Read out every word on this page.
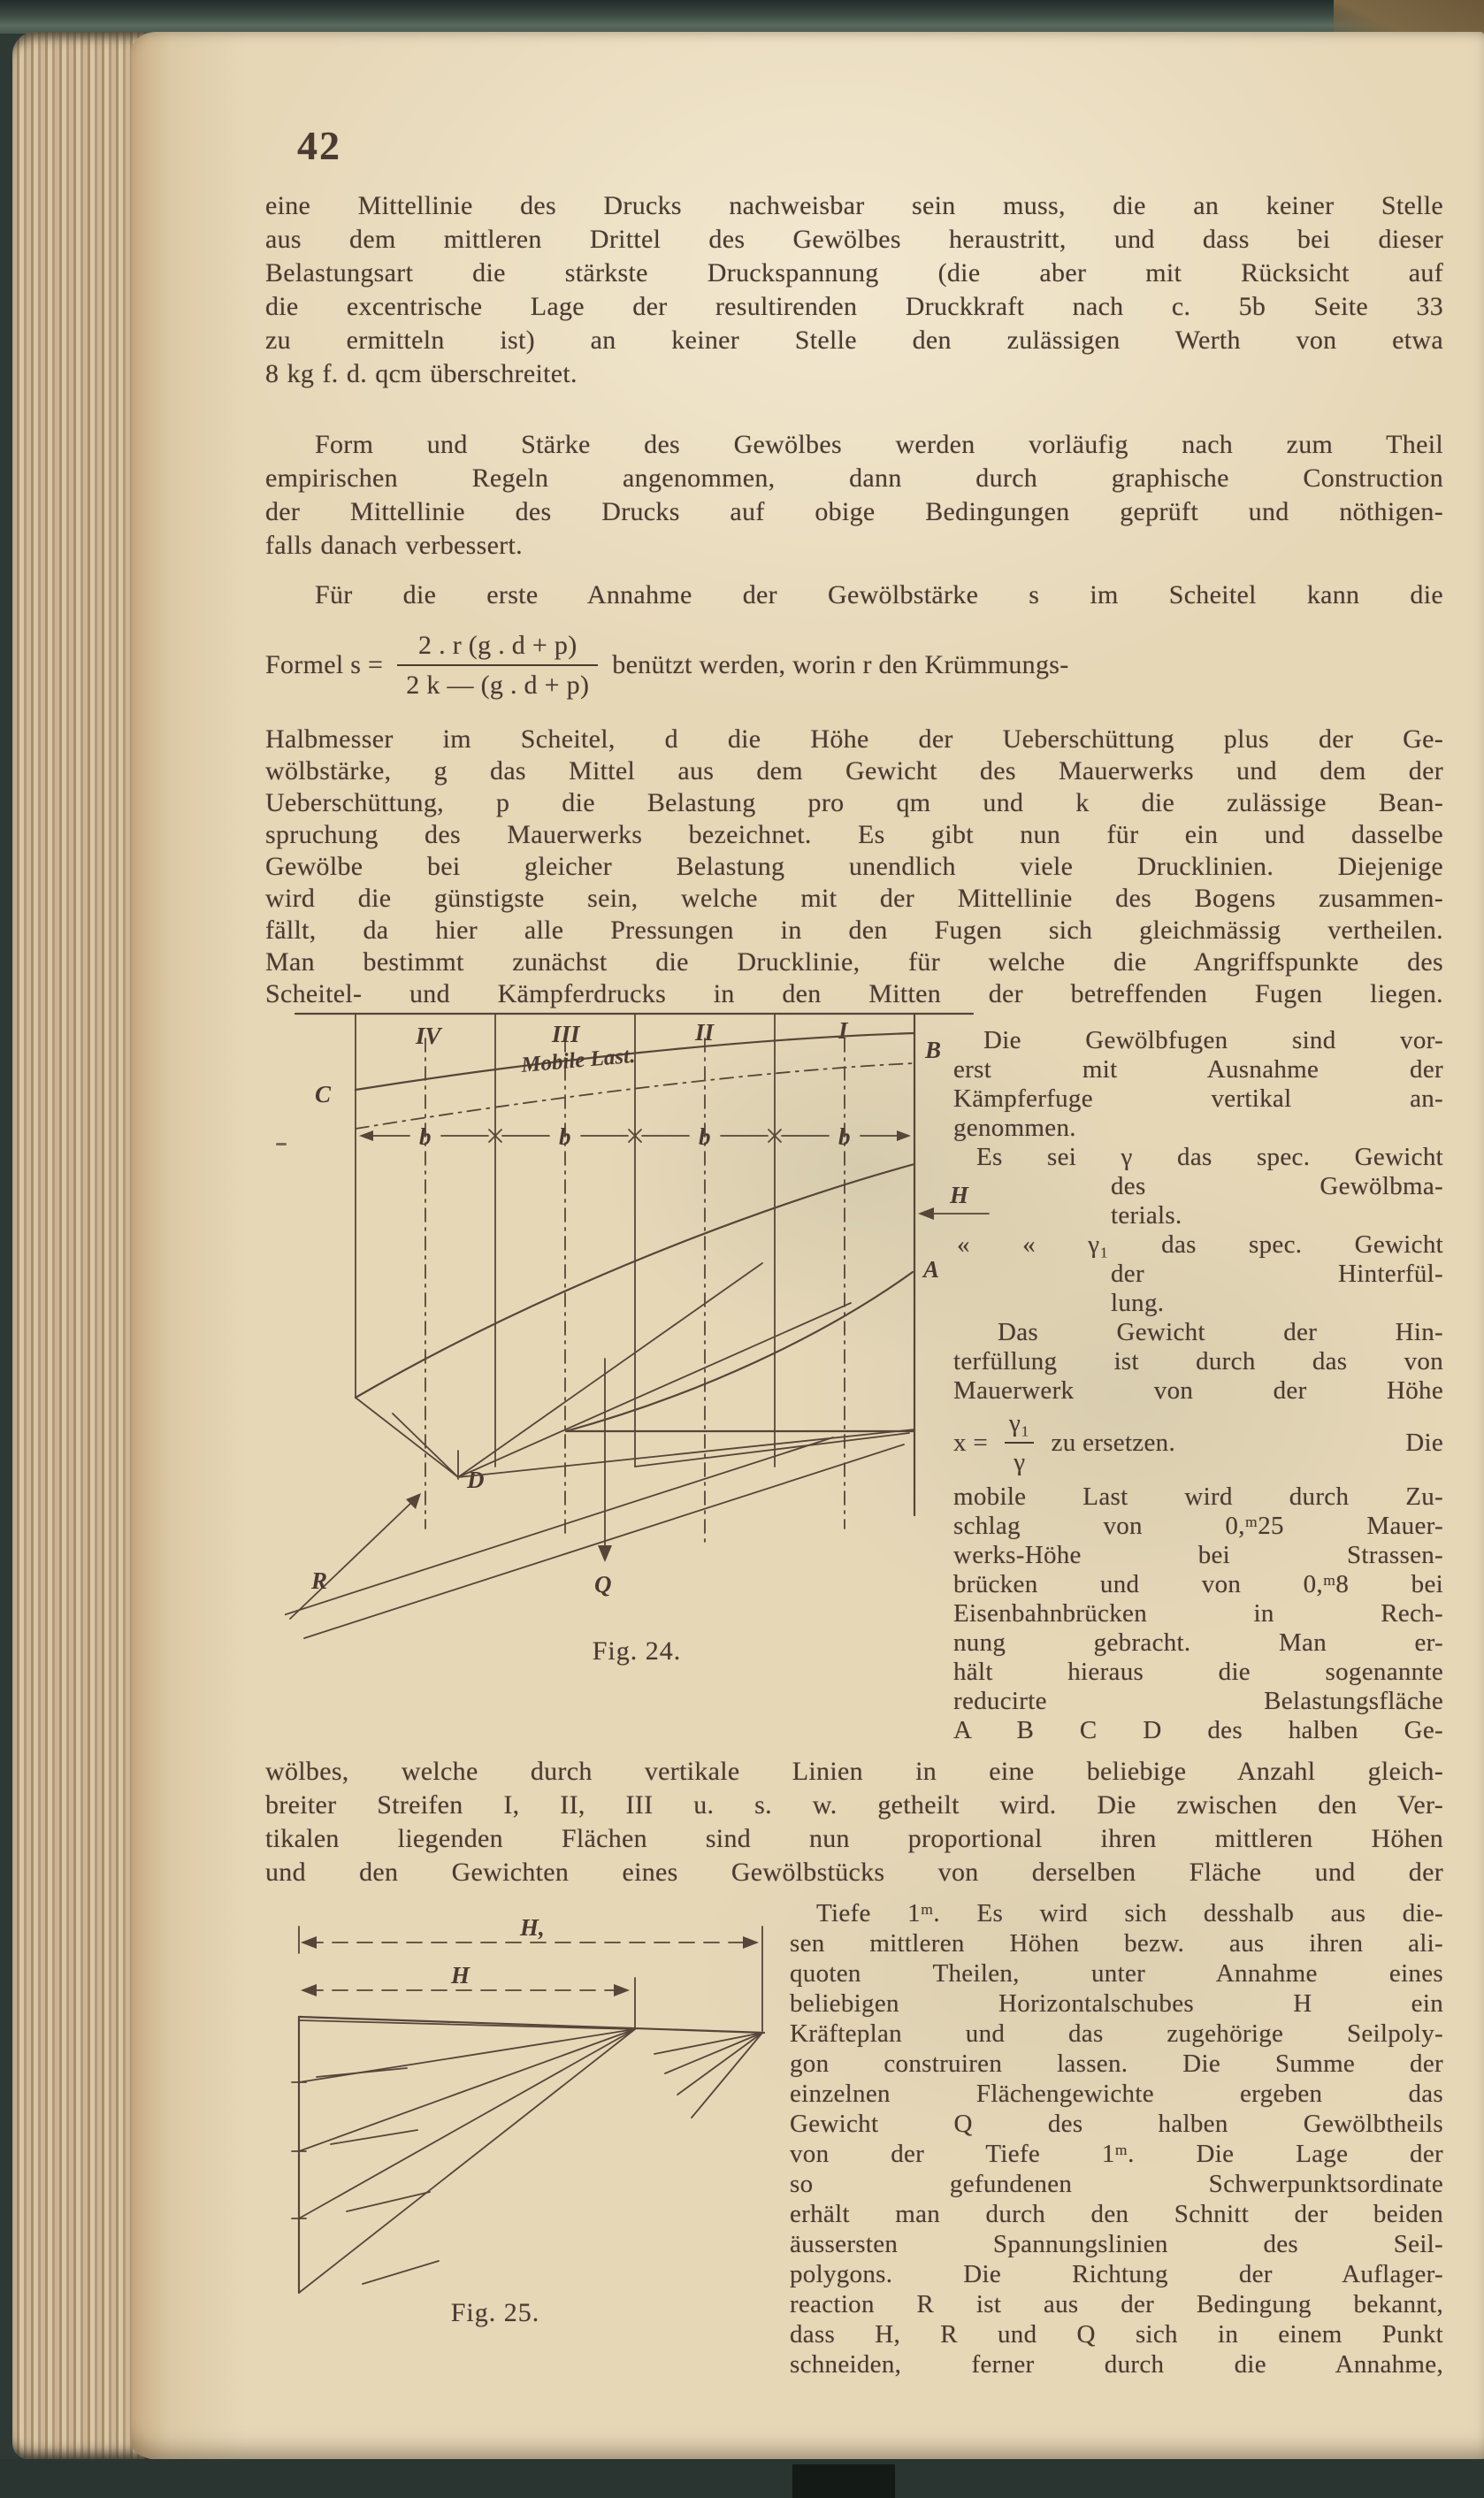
42
eine Mittellinie des Drucks nachweisbar sein muss, die an keiner Stelle
aus dem mittleren Drittel des Gewölbes heraustritt, und dass bei dieser
Belastungsart die stärkste Druckspannung (die aber mit Rücksicht auf
die excentrische Lage der resultirenden Druckkraft nach c. 5b Seite 33
zu ermitteln ist) an keiner Stelle den zulässigen Werth von etwa
8 kg f. d. qcm überschreitet.
Form und Stärke des Gewölbes werden vorläufig nach zum Theil
empirischen Regeln angenommen, dann durch graphische Construction
der Mittellinie des Drucks auf obige Bedingungen geprüft und nöthigen-
falls danach verbessert.
Für die erste Annahme der Gewölbstärke s im Scheitel kann die
Formel $s = \frac{2 . r (g . d + p)}{2 k — (g . d + p)}$ benützt werden, worin r den Krümmungs-
Halbmesser im Scheitel, d die Höhe der Ueberschüttung plus der Ge-
wölbstärke, g das Mittel aus dem Gewicht des Mauerwerks und dem der
Ueberschüttung, p die Belastung pro qm und k die zulässige Bean-
spruchung des Mauerwerks bezeichnet. Es gibt nun für ein und dasselbe
Gewölbe bei gleicher Belastung unendlich viele Drucklinien. Diejenige
wird die günstigste sein, welche mit der Mittellinie des Bogens zusammen-
fällt, da hier alle Pressungen in den Fugen sich gleichmässig vertheilen.
Man bestimmt zunächst die Drucklinie, für welche die Angriffspunkte des
Scheitel- und Kämpferdrucks in den Mitten der betreffenden Fugen liegen.
Die Gewölbfugen sind vor-
erst mit Ausnahme der
Kämpferfuge vertikal an-
genommen.
Es sei γ das spec. Gewicht
des Gewölbma-
terials.
« « γ₁ das spec. Gewicht
der Hinterfül-
lung.
Das Gewicht der Hin-
terfüllung ist durch das von
Mauerwerk von der Höhe
$x = \frac{\text{γ₁}}{\gamma}$ zu ersetzen.	Die
mobile Last wird durch Zu-
schlag von 0,ᵐ25 Mauer-
werks-Höhe bei Strassen-
brücken und von 0,ᵐ8 bei
Eisenbahnbrücken in Rech-
nung gebracht. Man er-
hält hieraus die sogenannte
reducirte Belastungsfläche
A B C D des halben Ge-
wölbes, welche durch vertikale Linien in eine beliebige Anzahl gleich-
breiter Streifen I, II, III u. s. w. getheilt wird. Die zwischen den Ver-
tikalen liegenden Flächen sind nun proportional ihren mittleren Höhen
und den Gewichten eines Gewölbstücks von derselben Fläche und der
Tiefe 1ᵐ. Es wird sich desshalb aus die-
sen mittleren Höhen bezw. aus ihren ali-
quoten Theilen, unter Annahme eines
beliebigen Horizontalschubes H ein
Kräfteplan und das zugehörige Seilpoly-
gon construiren lassen. Die Summe der
einzelnen Flächengewichte ergeben das
Gewicht Q des halben Gewölbtheils
von der Tiefe 1ᵐ. Die Lage der
so gefundenen Schwerpunktsordinate
erhält man durch den Schnitt der beiden
äussersten Spannungslinien des Seil-
polygons. Die Richtung der Auflager-
reaction R ist aus der Bedingung bekannt,
dass H, R und Q sich in einem Punkt
schneiden, ferner durch die Annahme,
IV	III	II	I
B
C
Mobile Last.
b	b	b	b
H
A
D
R	Q
Fig. 24.
H,
H
Fig. 25.
